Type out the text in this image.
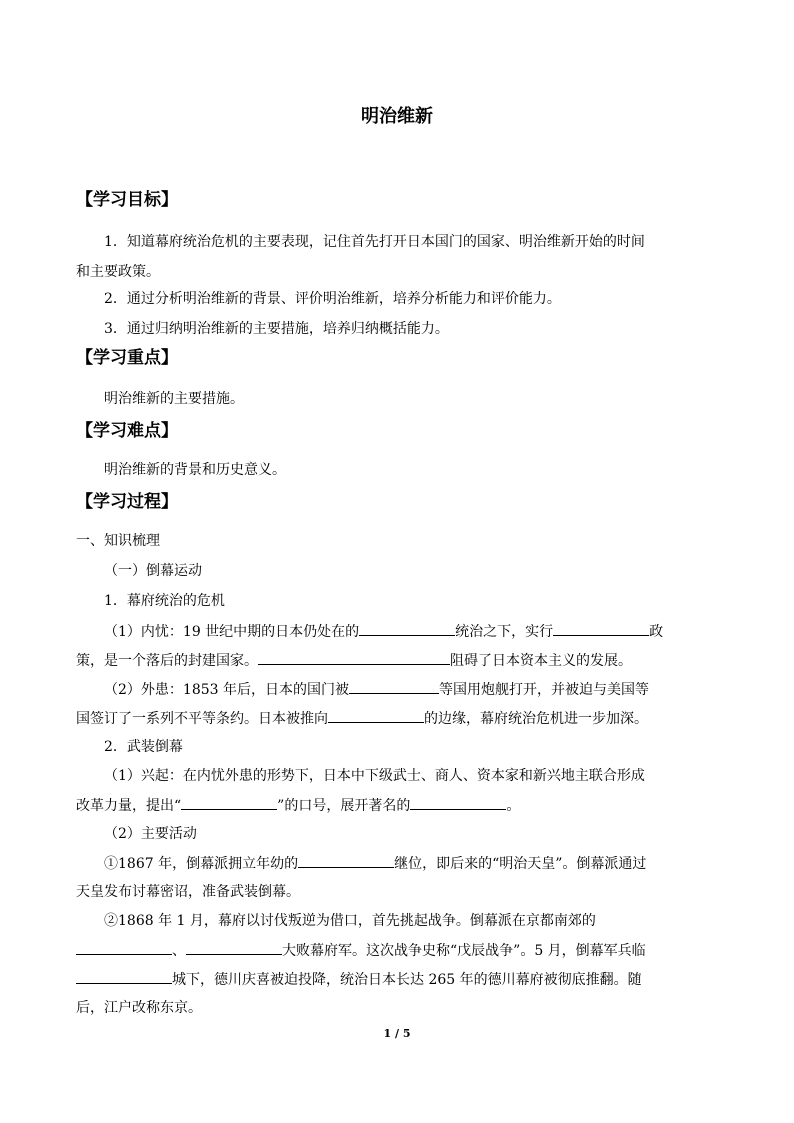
明治维新
【学习目标】
1．知道幕府统治危机的主要表现，记住首先打开日本国门的国家、明治维新开始的时间
和主要政策。
2．通过分析明治维新的背景、评价明治维新，培养分析能力和评价能力。
3．通过归纳明治维新的主要措施，培养归纳概括能力。
【学习重点】
明治维新的主要措施。
【学习难点】
明治维新的背景和历史意义。
【学习过程】
一、知识梳理
（一）倒幕运动
1．幕府统治的危机
（1）内忧：19 世纪中期的日本仍处在的	统治之下，实行	政
策，是一个落后的封建国家。	阻碍了日本资本主义的发展。
（2）外患：1853 年后，日本的国门被	等国用炮舰打开，并被迫与美国等
国签订了一系列不平等条约。日本被推向	的边缘，幕府统治危机进一步加深。
2．武装倒幕
（1）兴起：在内忧外患的形势下，日本中下级武士、商人、资本家和新兴地主联合形成
改革力量，提出“	”的口号，展开著名的	。
（2）主要活动
①1867 年，倒幕派拥立年幼的	继位，即后来的“明治天皇”。倒幕派通过
天皇发布讨幕密诏，准备武装倒幕。
②1868 年 1 月，幕府以讨伐叛逆为借口，首先挑起战争。倒幕派在京都南郊的
、	大败幕府军。这次战争史称“戊辰战争”。5 月，倒幕军兵临
城下，德川庆喜被迫投降，统治日本长达 265 年的德川幕府被彻底推翻。随
后，江户改称东京。
1 / 5
